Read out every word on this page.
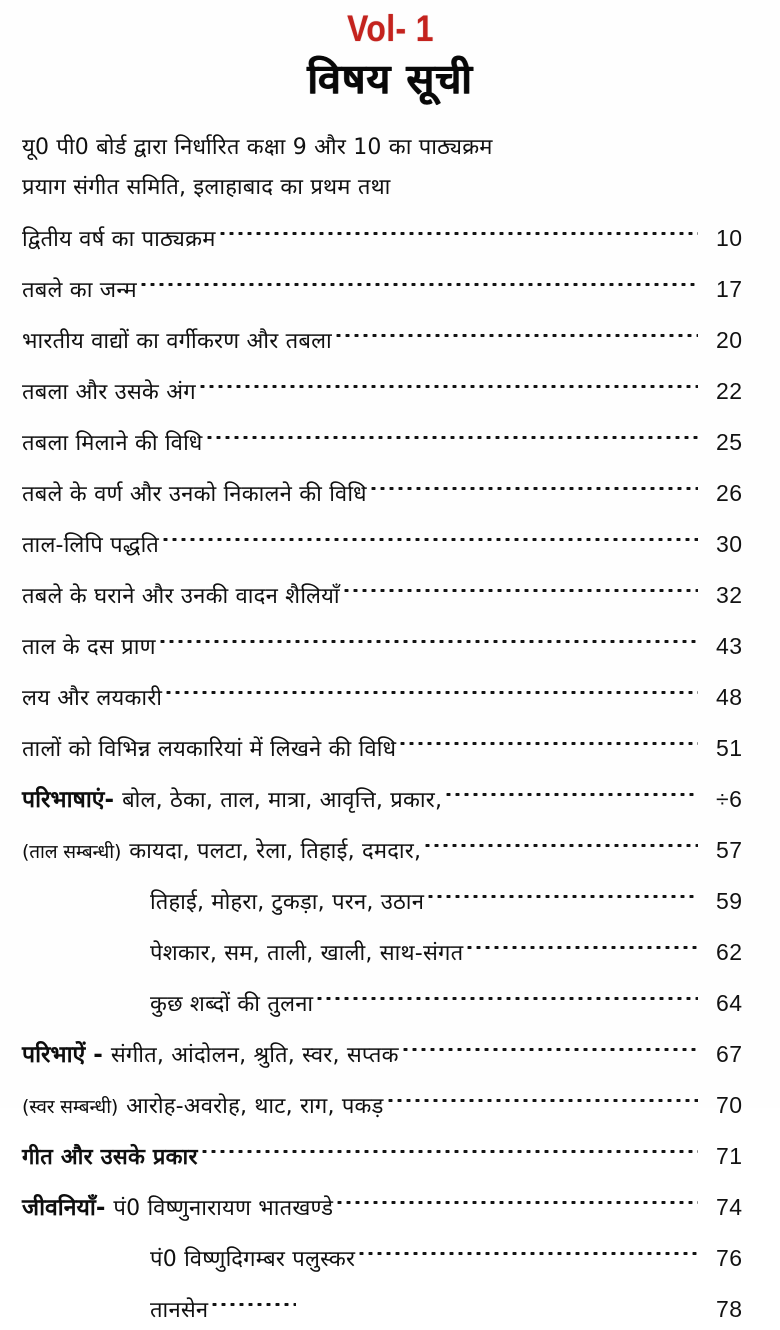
Vol- 1
विषय सूची
यू0 पी0 बोर्ड द्वारा निर्धारित कक्षा 9 और 10 का पाठ्यक्रम
प्रयाग संगीत समिति, इलाहाबाद का प्रथम तथा
द्वितीय वर्ष का पाठ्यक्रम	10
तबले का जन्म	17
भारतीय वाद्यों का वर्गीकरण और तबला	20
तबला और उसके अंग	22
तबला मिलाने की विधि	25
तबले के वर्ण और उनको निकालने की विधि	26
ताल-लिपि पद्धति	30
तबले के घराने और उनकी वादन शैलियाँ	32
ताल के दस प्राण	43
लय और लयकारी	48
तालों को विभिन्न लयकारियां में लिखने की विधि	51
परिभाषाएं- बोल, ठेका, ताल, मात्रा, आवृत्ति, प्रकार,	÷6
(ताल सम्बन्धी) कायदा, पलटा, रेला, तिहाई, दमदार,	57
तिहाई, मोहरा, टुकड़ा, परन, उठान	59
पेशकार, सम, ताली, खाली, साथ-संगत	62
कुछ शब्दों की तुलना	64
परिभाऐं - संगीत, आंदोलन, श्रुति, स्वर, सप्तक	67
(स्वर सम्बन्धी) आरोह-अवरोह, थाट, राग, पकड़	70
गीत और उसके प्रकार	71
जीवनियाँ- पं0 विष्णुनारायण भातखण्डे	74
पं0 विष्णुदिगम्बर पलुस्कर	76
तानसेन	78
